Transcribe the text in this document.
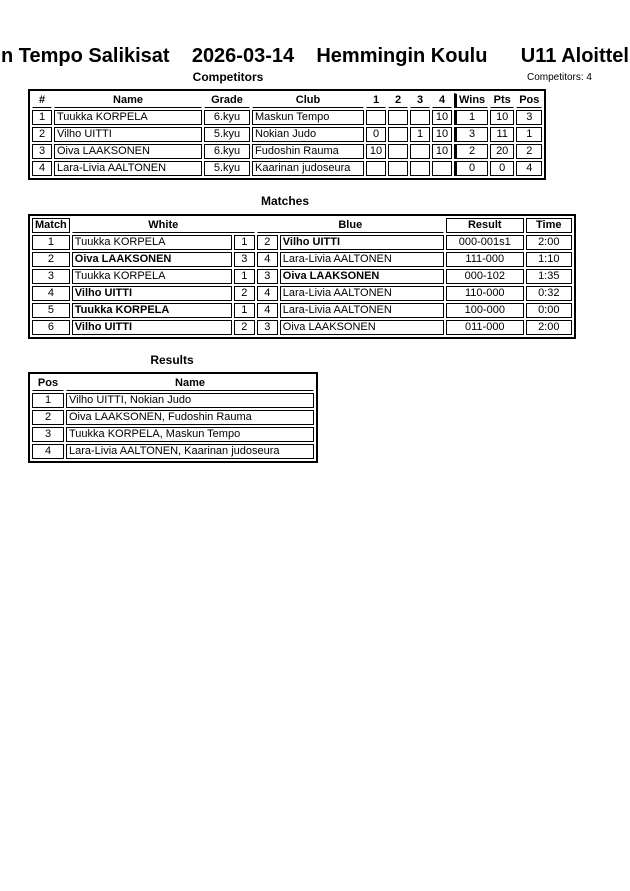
n Tempo Salikisat    2026-03-14    Hemmingin Koulu      U11 Aloittel
Competitors	Competitors: 4
#	Name	Grade	Club	1	2	3	4	Wins	Pts	Pos
1	Tuukka KORPELA	6.kyu	Maskun Tempo				10	1	10	3
2	Vilho UITTI	5.kyu	Nokian Judo	0		1	10	3	11	1
3	Oiva LAAKSONEN	6.kyu	Fudoshin Rauma	10			10	2	20	2
4	Lara-Livia AALTONEN	5.kyu	Kaarinan judoseura					0	0	4
Matches
Match	White		Blue		Result	Time
1	Tuukka KORPELA	1	2	Vilho UITTI	000-001s1	2:00
2	Oiva LAAKSONEN	3	4	Lara-Livia AALTONEN	111-000	1:10
3	Tuukka KORPELA	1	3	Oiva LAAKSONEN	000-102	1:35
4	Vilho UITTI	2	4	Lara-Livia AALTONEN	110-000	0:32
5	Tuukka KORPELA	1	4	Lara-Livia AALTONEN	100-000	0:00
6	Vilho UITTI	2	3	Oiva LAAKSONEN	011-000	2:00
Results
Pos	Name
1	Vilho UITTI, Nokian Judo
2	Oiva LAAKSONEN, Fudoshin Rauma
3	Tuukka KORPELA, Maskun Tempo
4	Lara-Livia AALTONEN, Kaarinan judoseura
